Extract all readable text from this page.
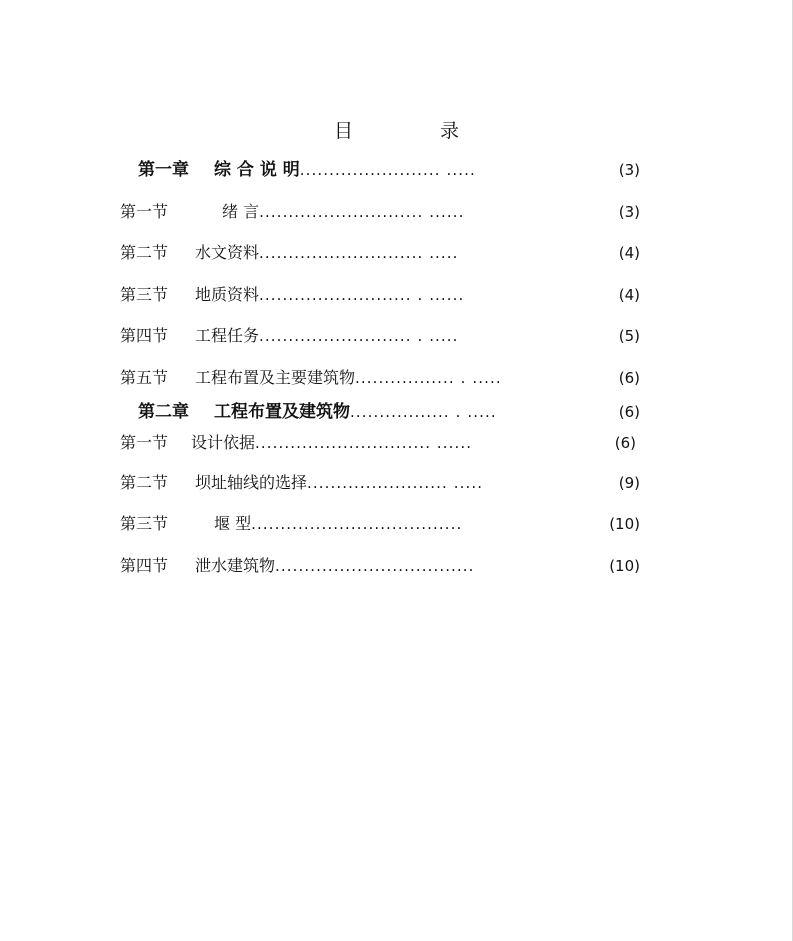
目　录
第一章 综 合 说 明........................ .....	(3)
第一节	绪 言............................ ......	(3)
第二节 水文资料............................ .....	(4)
第三节 地质资料.......................... . ......	(4)
第四节 工程任务.......................... . .....	(5)
第五节 工程布置及主要建筑物................. . .....	(6)
第二章 工程布置及建筑物................. . .....	(6)
第一节 设计依据.............................. ......	(6)
第二节 坝址轴线的选择........................ .....	(9)
第三节	堰 型....................................	(10)
第四节 泄水建筑物..................................	(10)
